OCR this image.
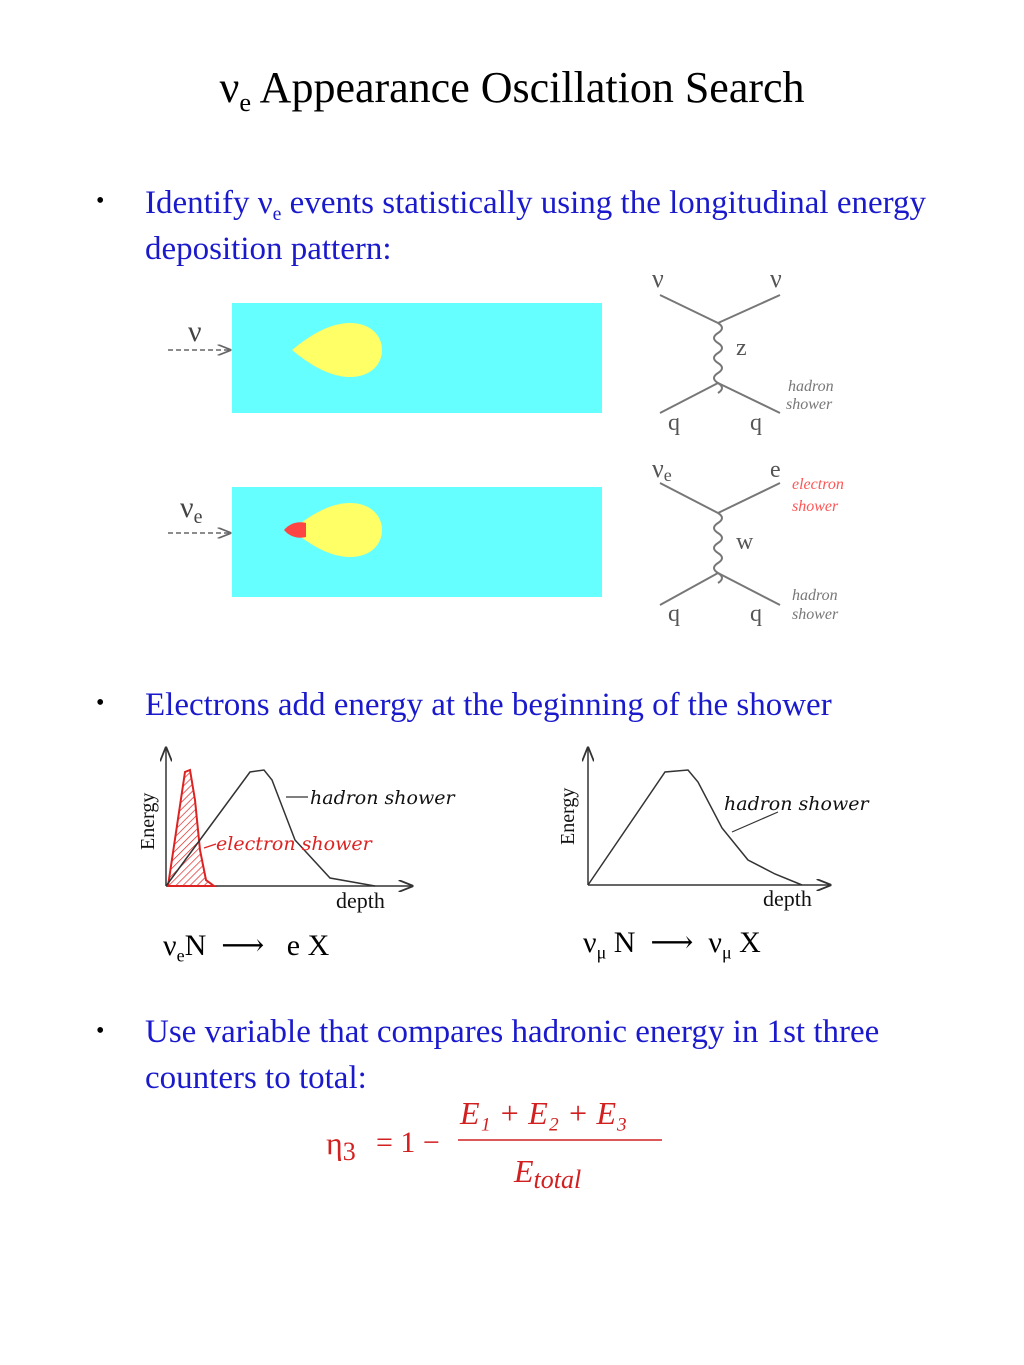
$\nu_e$ Appearance Oscillation Search
• Identify $\nu_e$ events statistically using the longitudinal energy deposition pattern:
ν
$\nu_e$
ν	ν
z
q	q
hadron
shower
νe	e
w
q	q
electron
shower
hadron
shower
• Electrons add energy at the beginning of the shower
hadron shower
electron shower
Energy
depth
hadron shower
Energy
depth
$\nu_eN$ ⟶ e X	$\nu_\mu$ N ⟶ $\nu_\mu$ X
• Use variable that compares hadronic energy in 1st three counters to total:
η3 = 1 −
E₁ + E₂ + E₃
Etotal
